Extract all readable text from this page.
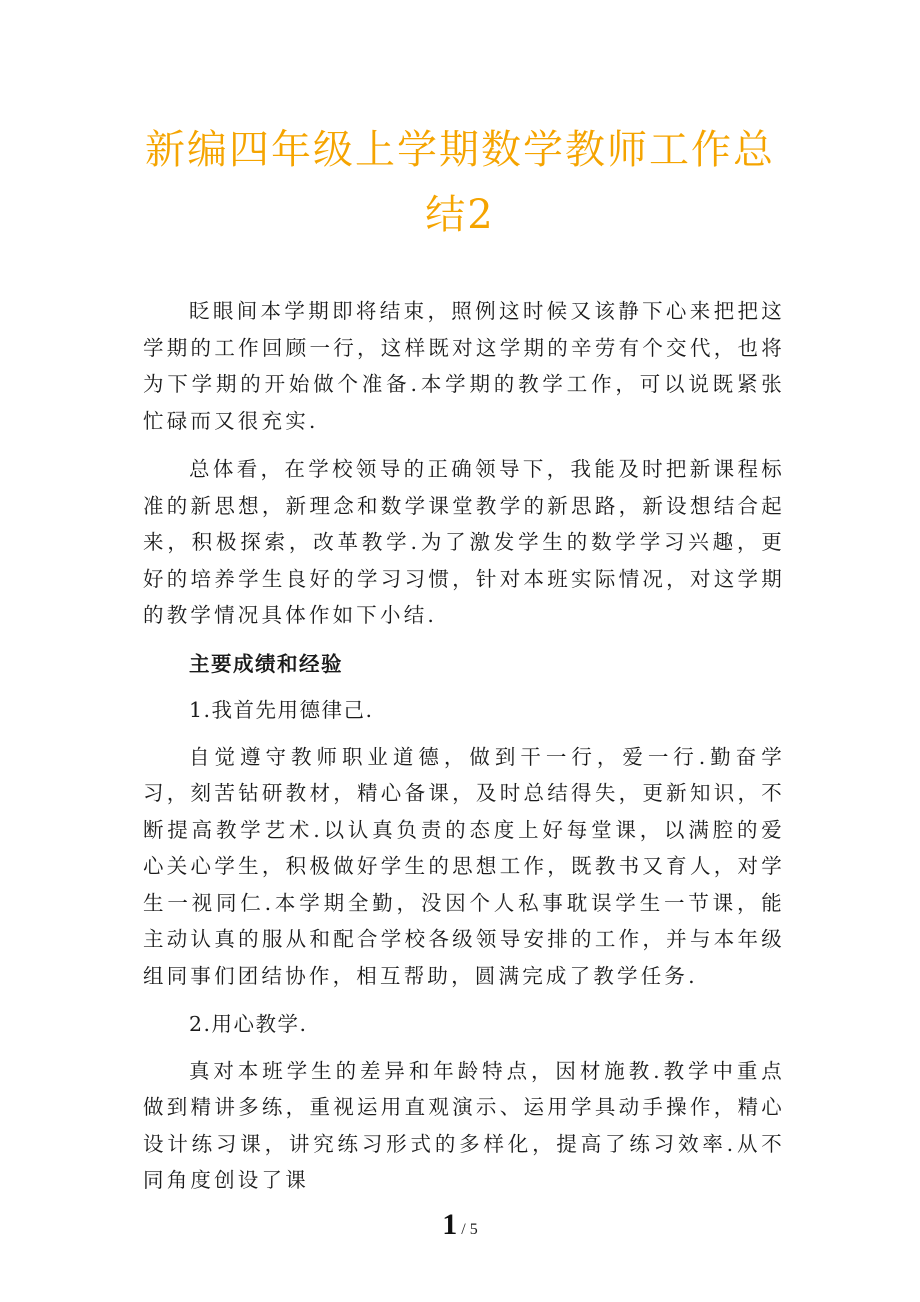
新编四年级上学期数学教师工作总
结2

眨眼间本学期即将结束，照例这时候又该静下心来把把这学期的工作回顾一行，这样既对这学期的辛劳有个交代，也将为下学期的开始做个准备.本学期的教学工作，可以说既紧张忙碌而又很充实.

总体看，在学校领导的正确领导下，我能及时把新课程标准的新思想，新理念和数学课堂教学的新思路，新设想结合起来，积极探索，改革教学.为了激发学生的数学学习兴趣，更好的培养学生良好的学习习惯，针对本班实际情况，对这学期的教学情况具体作如下小结.

主要成绩和经验
1.我首先用德律己.

自觉遵守教师职业道德，做到干一行，爱一行.勤奋学习，刻苦钻研教材，精心备课，及时总结得失，更新知识，不断提高教学艺术.以认真负责的态度上好每堂课，以满腔的爱心关心学生，积极做好学生的思想工作，既教书又育人，对学生一视同仁.本学期全勤，没因个人私事耽误学生一节课，能主动认真的服从和配合学校各级领导安排的工作，并与本年级组同事们团结协作，相互帮助，圆满完成了教学任务.

2.用心教学.

真对本班学生的差异和年龄特点，因材施教.教学中重点做到精讲多练，重视运用直观演示、运用学具动手操作，精心设计练习课，讲究练习形式的多样化，提高了练习效率.从不同角度创设了课

1 / 5
